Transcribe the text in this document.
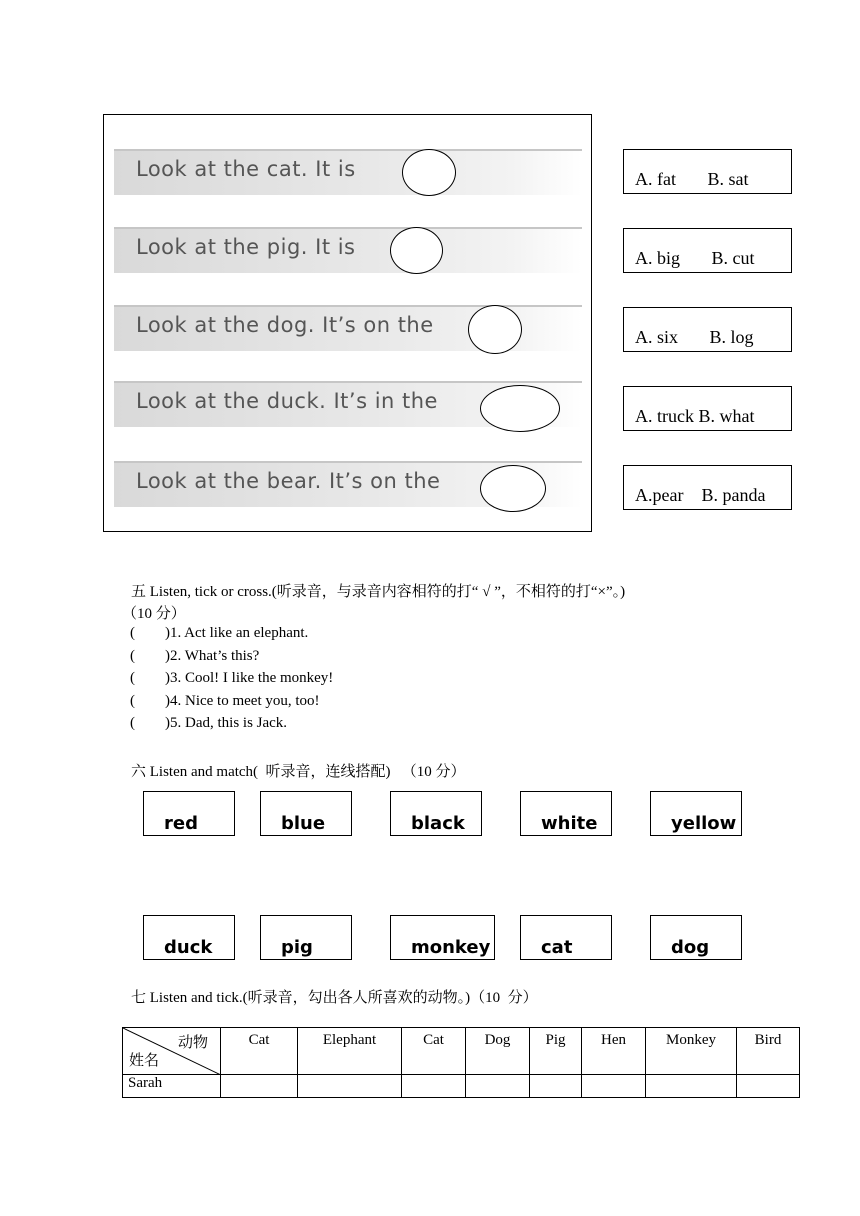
Look at the cat. It is
Look at the pig. It is
Look at the dog. It’s on the
Look at the duck. It’s in the
Look at the bear. It’s on the
A. fat       B. sat
A. big       B. cut
A. six       B. log
A. truck B. what
A.pear    B. panda
五 Listen, tick or cross.(听录音，与录音内容相符的打“ √ ”，不相符的打“×”。)
（10 分）
(        )1. Act like an elephant.
(        )2. What’s this?
(        )3. Cool! I like the monkey!
(        )4. Nice to meet you, too!
(        )5. Dad, this is Jack.
六 Listen and match(  听录音，连线搭配)   （10 分）
red	blue	black	white	yellow
duck	pig	monkey	cat	dog
七 Listen and tick.(听录音，勾出各人所喜欢的动物。)（10  分）
动物
姓名	Cat	Elephant	Cat	Dog	Pig	Hen	Monkey	Bird
Sarah								
